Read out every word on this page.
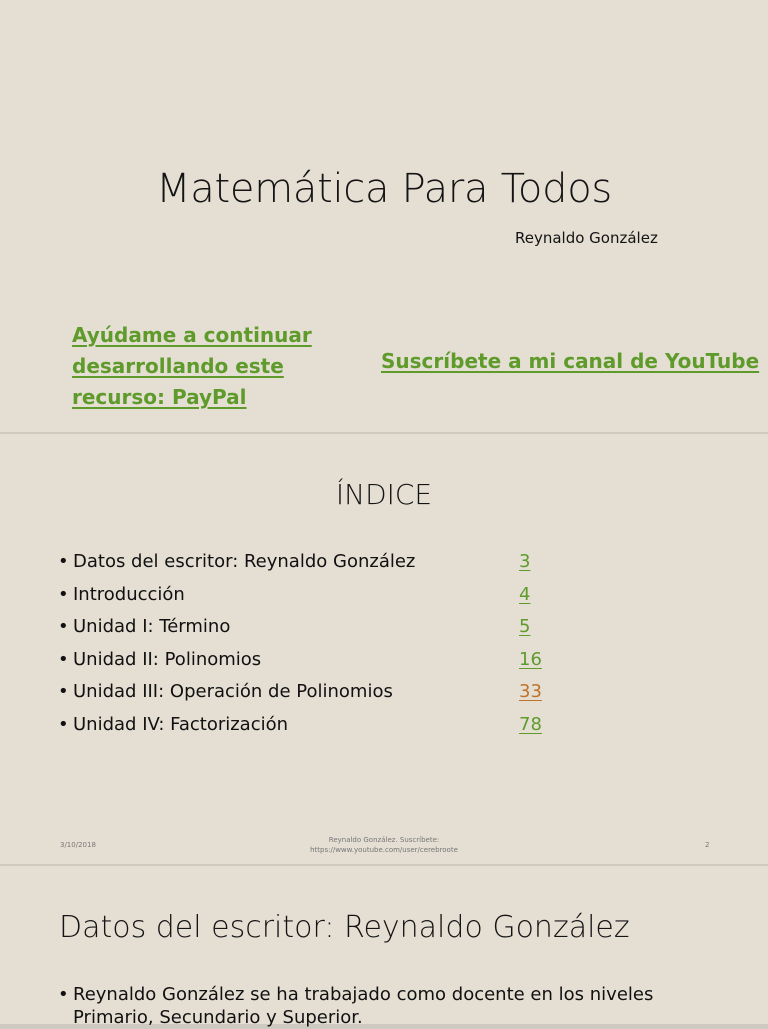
Matemática Para Todos
Reynaldo González
Ayúdame a continuar desarrollando este recurso: PayPal
Suscríbete a mi canal de YouTube
ÍNDICE
• Datos del escritor: Reynaldo González	3
• Introducción	4
• Unidad I: Término	5
• Unidad II: Polinomios	16
• Unidad III: Operación de Polinomios	33
• Unidad IV: Factorización	78
3/10/2018
Reynaldo González. Suscríbete:
https://www.youtube.com/user/cerebroote
2
Datos del escritor: Reynaldo González
• Reynaldo González se ha trabajado como docente en los niveles Primario, Secundario y Superior.
